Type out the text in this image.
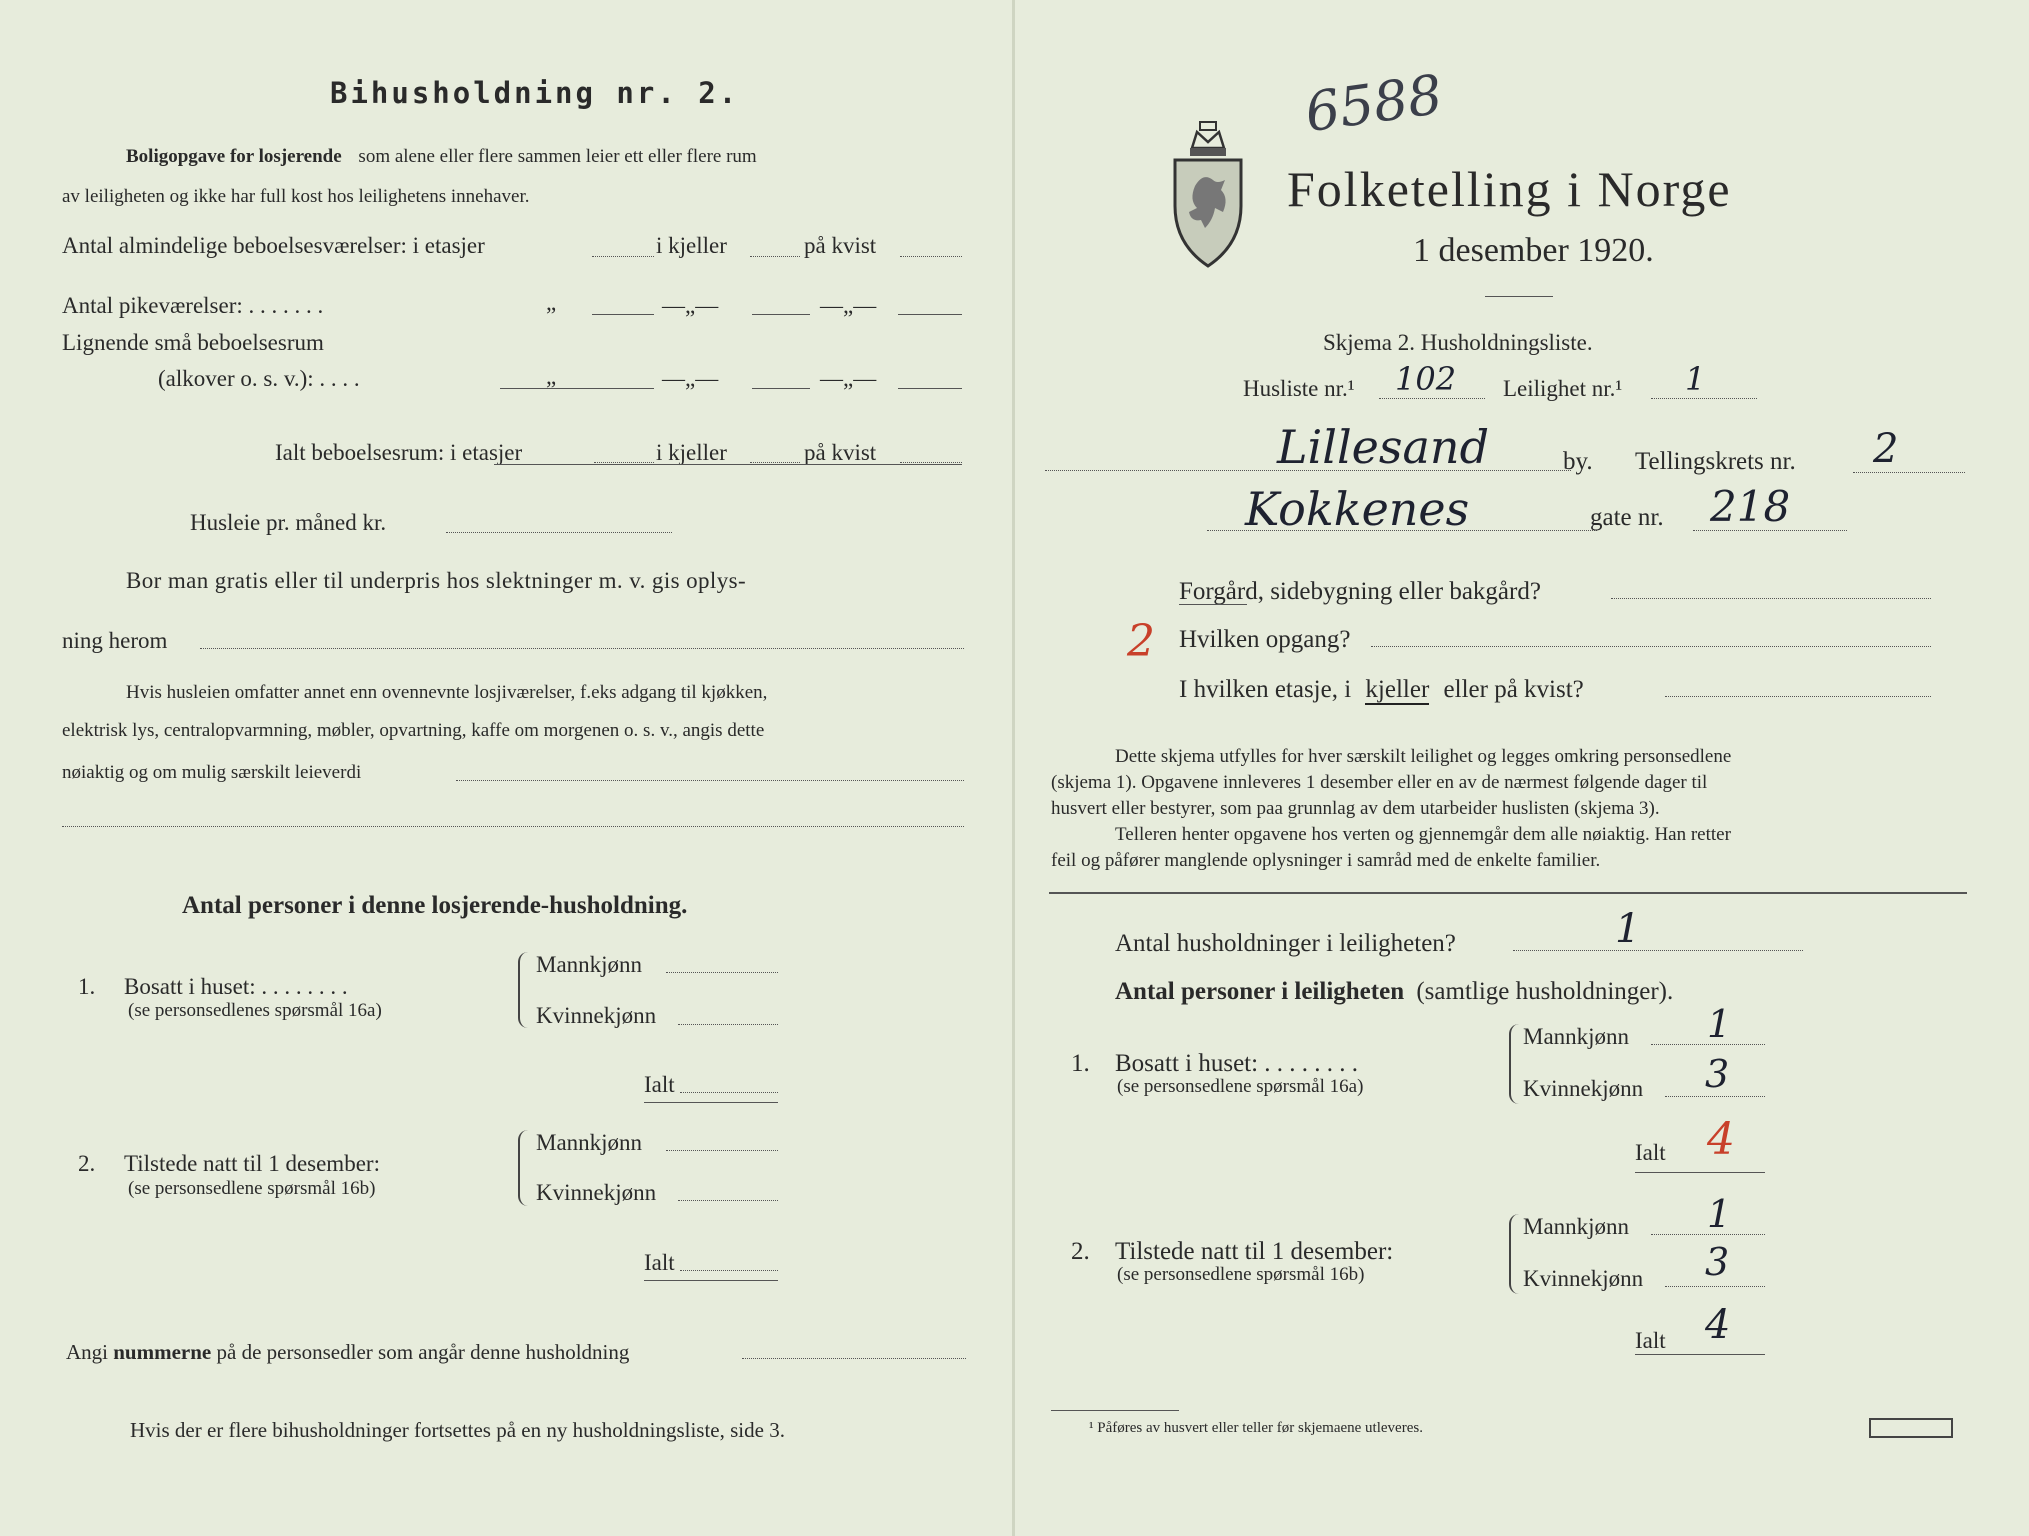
Bihusholdning nr. 2.
Boligopgave for losjerende som alene eller flere sammen leier ett eller flere rum
av leiligheten og ikke har full kost hos leilighetens innehaver.
Antal almindelige beboelsesværelser: i etasjer	i kjeller	på kvist
Antal pikeværelser: . . . . . . .	„	—„—	—„—
Lignende små beboelsesrum
(alkover o. s. v.): . . . .	„	—„—	—„—
Ialt beboelsesrum: i etasjer	i kjeller	på kvist
Husleie pr. måned kr.
Bor man gratis eller til underpris hos slektninger m. v. gis oplys-
ning herom
Hvis husleien omfatter annet enn ovennevnte losjiværelser, f.eks adgang til kjøkken,
elektrisk lys, centralopvarmning, møbler, opvartning, kaffe om morgenen o. s. v., angis dette
nøiaktig og om mulig særskilt leieverdi
Antal personer i denne losjerende-husholdning.
1. Bosatt i huset: . . . . . . . .
(se personsedlenes spørsmål 16a)
Mannkjønn
Kvinnekjønn
Ialt
2. Tilstede natt til 1 desember:
(se personsedlene spørsmål 16b)
Mannkjønn
Kvinnekjønn
Ialt
Angi nummerne på de personsedler som angår denne husholdning
Hvis der er flere bihusholdninger fortsettes på en ny husholdningsliste, side 3.
6588
Folketelling i Norge
1 desember 1920.
Skjema 2. Husholdningsliste.
Husliste nr.¹ 102 Leilighet nr.¹ 1
Lillesand	by. Tellingskrets nr. 2
Kokkenes	gate nr. 218
Forgård, sidebygning eller bakgård?
2 Hvilken opgang?
I hvilken etasje, i kjeller eller på kvist?
Dette skjema utfylles for hver særskilt leilighet og legges omkring personsedlene
(skjema 1). Opgavene innleveres 1 desember eller en av de nærmest følgende dager til
husvert eller bestyrer, som paa grunnlag av dem utarbeider huslisten (skjema 3).
Telleren henter opgavene hos verten og gjennemgår dem alle nøiaktig. Han retter
feil og påfører manglende oplysninger i samråd med de enkelte familier.
Antal husholdninger i leiligheten?	1
Antal personer i leiligheten (samtlige husholdninger).
1. Bosatt i huset: . . . . . . . .
(se personsedlene spørsmål 16a)
Mannkjønn 1
Kvinnekjønn 3
Ialt 4
2. Tilstede natt til 1 desember:
(se personsedlene spørsmål 16b)
Mannkjønn 1
Kvinnekjønn 3
Ialt 4
¹ Påføres av husvert eller teller før skjemaene utleveres.
